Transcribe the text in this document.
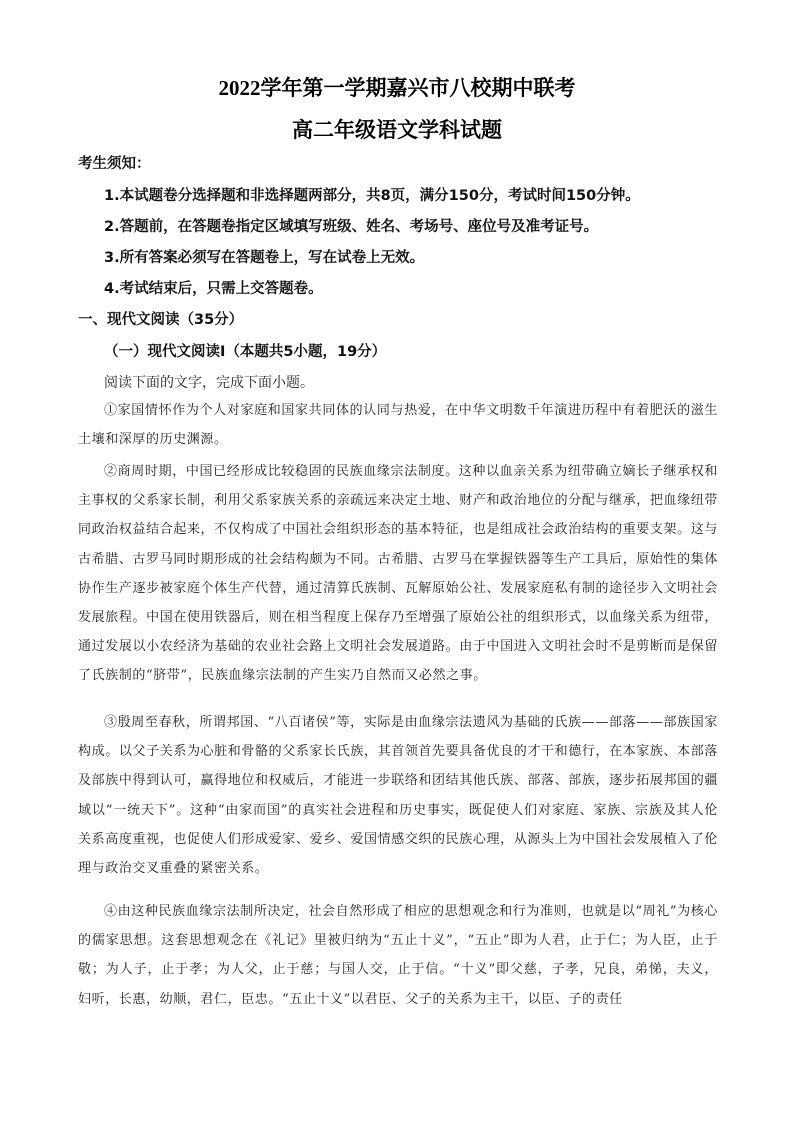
2022学年第一学期嘉兴市八校期中联考
高二年级语文学科试题
考生须知：
1.本试题卷分选择题和非选择题两部分，共8页，满分150分，考试时间150分钟。
2.答题前，在答题卷指定区域填写班级、姓名、考场号、座位号及准考证号。
3.所有答案必须写在答题卷上，写在试卷上无效。
4.考试结束后，只需上交答题卷。
一、现代文阅读（35分）
（一）现代文阅读Ⅰ（本题共5小题，19分）
阅读下面的文字，完成下面小题。
①家国情怀作为个人对家庭和国家共同体的认同与热爱，在中华文明数千年演进历程中有着肥沃的滋生土壤和深厚的历史渊源。
②商周时期，中国已经形成比较稳固的民族血缘宗法制度。这种以血亲关系为纽带确立嫡长子继承权和主事权的父系家长制，利用父系家族关系的亲疏远来决定土地、财产和政治地位的分配与继承，把血缘纽带同政治权益结合起来，不仅构成了中国社会组织形态的基本特征，也是组成社会政治结构的重要支架。这与古希腊、古罗马同时期形成的社会结构颇为不同。古希腊、古罗马在掌握铁器等生产工具后，原始性的集体协作生产逐步被家庭个体生产代替，通过清算氏族制、瓦解原始公社、发展家庭私有制的途径步入文明社会发展旅程。中国在使用铁器后，则在相当程度上保存乃至增强了原始公社的组织形式，以血缘关系为纽带，通过发展以小农经济为基础的农业社会路上文明社会发展道路。由于中国进入文明社会时不是剪断而是保留了氏族制的“脐带”，民族血缘宗法制的产生实乃自然而又必然之事。
③殷周至春秋，所谓邦国、“八百诸侯”等，实际是由血缘宗法遗风为基础的氏族——部落——部族国家构成。以父子关系为心脏和骨骼的父系家长氏族，其首领首先要具备优良的才干和德行，在本家族、本部落及部族中得到认可，赢得地位和权威后，才能进一步联络和团结其他氏族、部落、部族，逐步拓展邦国的疆域以“一统天下”。这种“由家而国”的真实社会进程和历史事实，既促使人们对家庭、家族、宗族及其人伦关系高度重视，也促使人们形成爱家、爱乡、爱国情感交织的民族心理，从源头上为中国社会发展植入了伦理与政治交叉重叠的紧密关系。
④由这种民族血缘宗法制所决定，社会自然形成了相应的思想观念和行为准则，也就是以“周礼”为核心的儒家思想。这套思想观念在《礼记》里被归纳为“五止十义”，“五止”即为人君，止于仁；为人臣，止于敬；为人子，止于孝；为人父，止于慈；与国人交，止于信。“十义”即父慈，子孝，兄良，弟悌，夫义，妇听，长惠，幼顺，君仁，臣忠。“五止十义”以君臣、父子的关系为主干，以臣、子的责任
